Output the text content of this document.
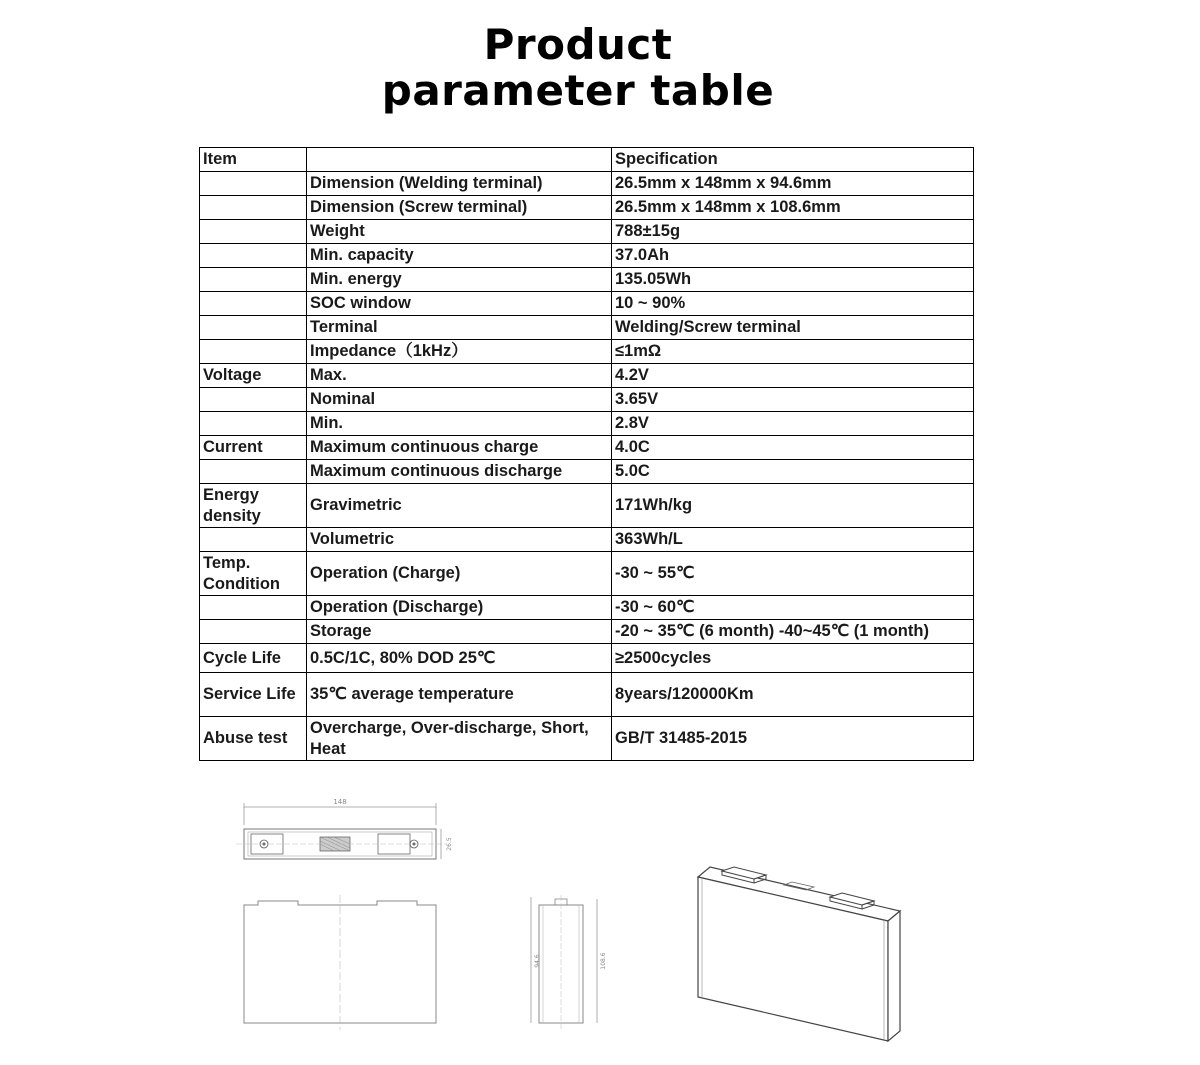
Product
parameter table
Item		Specification
	Dimension (Welding terminal)	26.5mm x 148mm x 94.6mm
	Dimension (Screw terminal)	26.5mm x 148mm x 108.6mm
	Weight	788±15g
	Min. capacity	37.0Ah
	Min. energy	135.05Wh
	SOC window	10 ~ 90%
	Terminal	Welding/Screw terminal
	Impedance（1kHz）	≤1mΩ
Voltage	Max.	4.2V
	Nominal	3.65V
	Min.	2.8V
Current	Maximum continuous charge	4.0C
	Maximum continuous discharge	5.0C
Energy density	Gravimetric	171Wh/kg
	Volumetric	363Wh/L
Temp. Condition	Operation (Charge)	-30 ~ 55℃
	Operation (Discharge)	-30 ~ 60℃
	Storage	-20 ~ 35℃ (6 month) -40~45℃ (1 month)
Cycle Life	0.5C/1C, 80% DOD 25℃	≥2500cycles
Service Life	35℃ average temperature	8years/120000Km
Abuse test	Overcharge, Over-discharge, Short, Heat	GB/T 31485-2015
148
26.5
94.6	108.6
